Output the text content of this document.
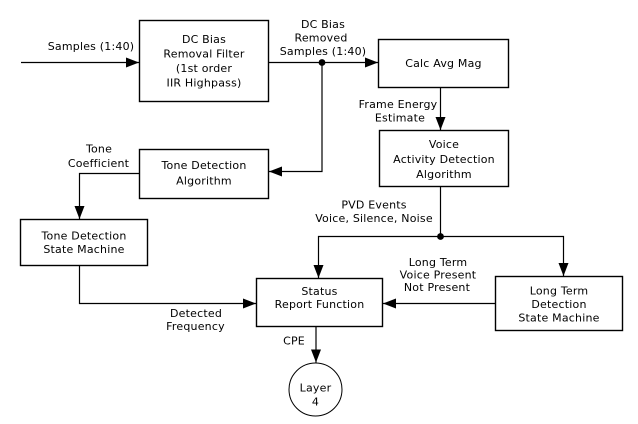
DC Bias
Removal Filter
(1st order
IIR Highpass)
Calc Avg Mag
Voice
Activity Detection
Algorithm
Tone Detection
Algorithm
Tone Detection
State Machine
Status
Report Function
Long Term
Detection
State Machine
Layer
4
Samples (1:40)
DC Bias
Removed
Samples (1:40)
Frame Energy
Estimate
Tone
Coefficient
PVD Events
Voice, Silence, Noise
Long Term
Voice Present
Not Present
Detected
Frequency
CPE
